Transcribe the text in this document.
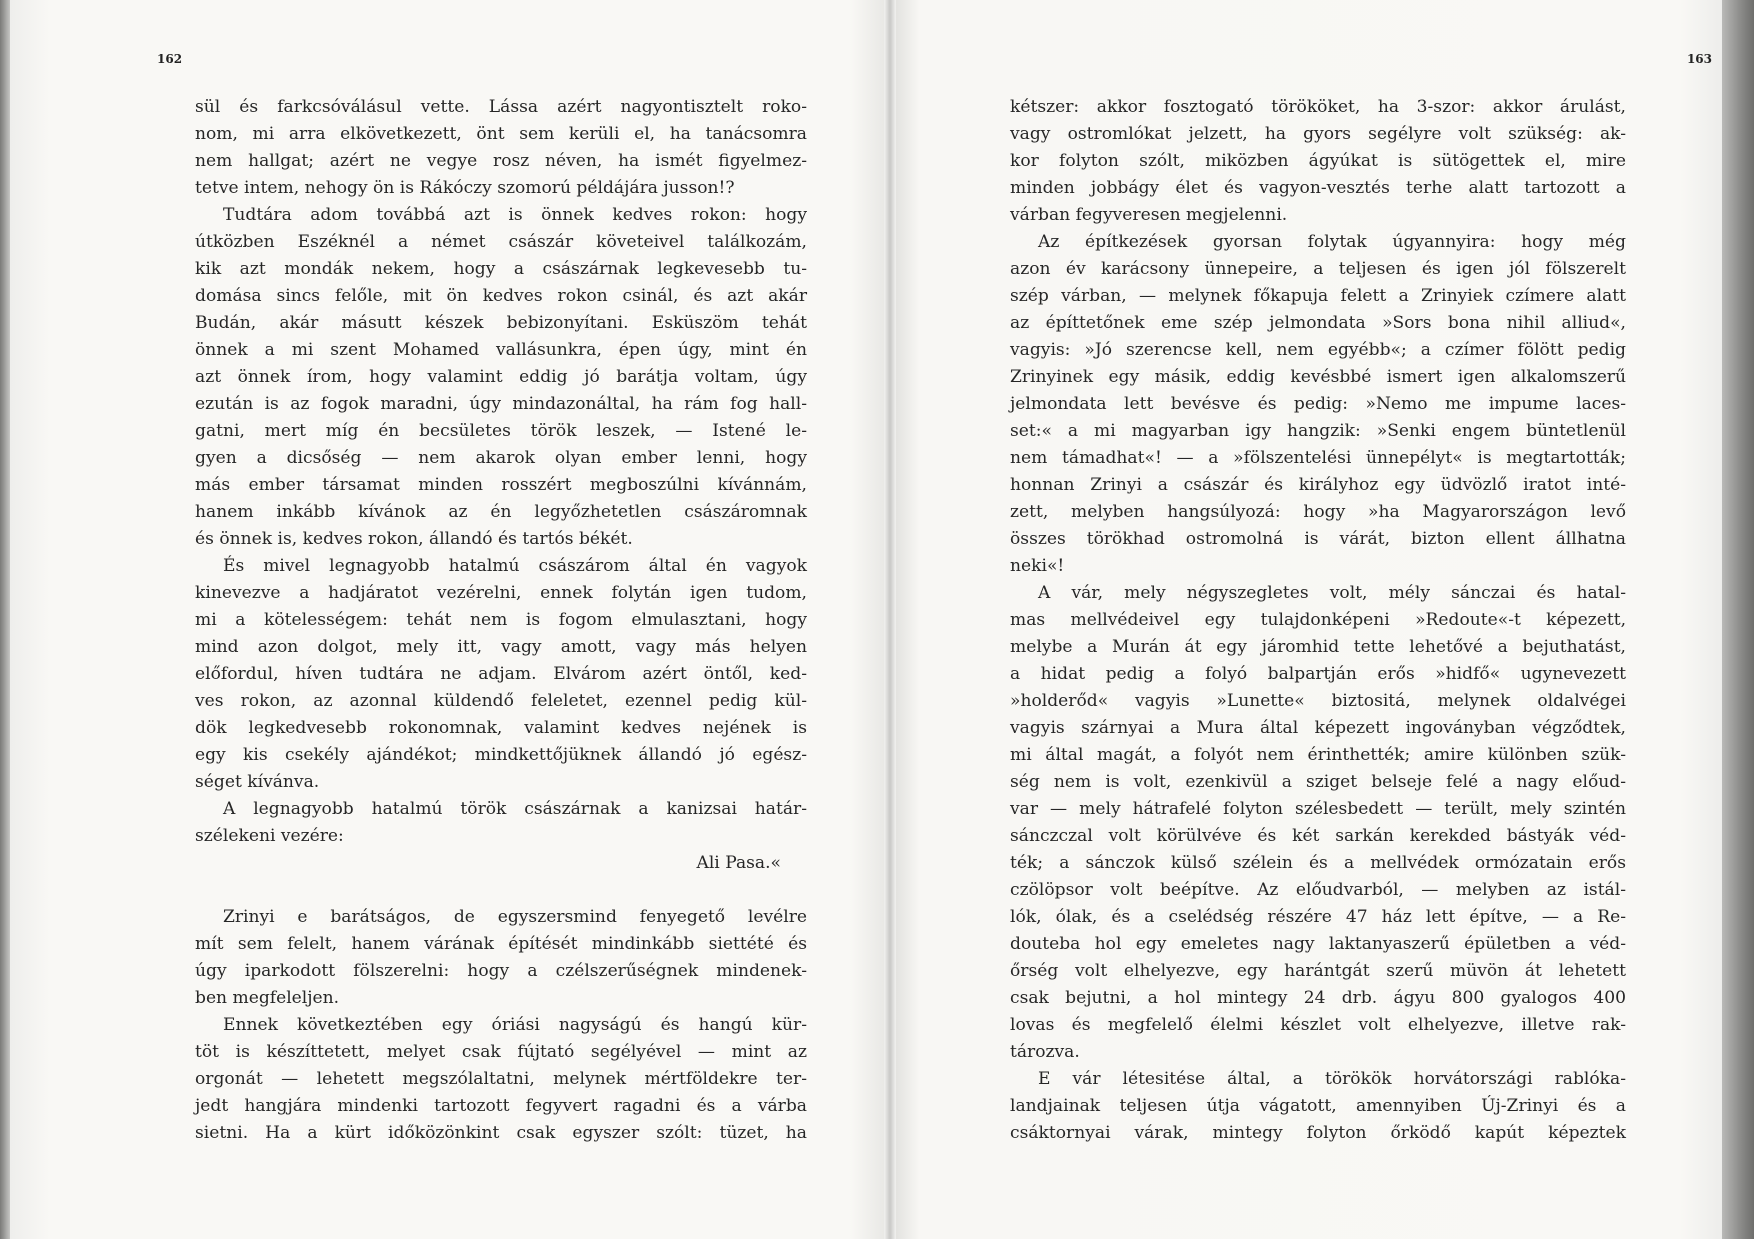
162
sül és farkcsóválásul vette. Lássa azért nagyontisztelt roko-
nom, mi arra elkövetkezett, önt sem kerüli el, ha tanácsomra
nem hallgat; azért ne vegye rosz néven, ha ismét figyelmez-
tetve intem, nehogy ön is Rákóczy szomorú példájára jusson!?
Tudtára adom továbbá azt is önnek kedves rokon: hogy
útközben Eszéknél a német császár követeivel találkozám,
kik azt mondák nekem, hogy a császárnak legkevesebb tu-
domása sincs felőle, mit ön kedves rokon csinál, és azt akár
Budán, akár másutt készek bebizonyítani. Esküszöm tehát
önnek a mi szent Mohamed vallásunkra, épen úgy, mint én
azt önnek írom, hogy valamint eddig jó barátja voltam, úgy
ezután is az fogok maradni, úgy mindazonáltal, ha rám fog hall-
gatni, mert míg én becsületes török leszek, — Istené le-
gyen a dicsőség — nem akarok olyan ember lenni, hogy
más ember társamat minden rosszért megboszúlni kívánnám,
hanem inkább kívánok az én legyőzhetetlen császáromnak
és önnek is, kedves rokon, állandó és tartós békét.
És mivel legnagyobb hatalmú császárom által én vagyok
kinevezve a hadjáratot vezérelni, ennek folytán igen tudom,
mi a kötelességem: tehát nem is fogom elmulasztani, hogy
mind azon dolgot, mely itt, vagy amott, vagy más helyen
előfordul, híven tudtára ne adjam. Elvárom azért öntől, ked-
ves rokon, az azonnal küldendő feleletet, ezennel pedig kül-
dök legkedvesebb rokonomnak, valamint kedves nejének is
egy kis csekély ajándékot; mindkettőjüknek állandó jó egész-
séget kívánva.
A legnagyobb hatalmú török császárnak a kanizsai határ-
szélekeni vezére:
Ali Pasa.«
Zrinyi e barátságos, de egyszersmind fenyegető levélre
mít sem felelt, hanem várának építését mindinkább siettété és
úgy iparkodott fölszerelni: hogy a czélszerűségnek mindenek-
ben megfeleljen.
Ennek következtében egy óriási nagyságú és hangú kür-
töt is készíttetett, melyet csak fújtató segélyével — mint az
orgonát — lehetett megszólaltatni, melynek mértföldekre ter-
jedt hangjára mindenki tartozott fegyvert ragadni és a várba
sietni. Ha a kürt időközönkint csak egyszer szólt: tüzet, ha
163
kétszer: akkor fosztogató törököket, ha 3-szor: akkor árulást,
vagy ostromlókat jelzett, ha gyors segélyre volt szükség: ak-
kor folyton szólt, miközben ágyúkat is sütögettek el, mire
minden jobbágy élet és vagyon-vesztés terhe alatt tartozott a
várban fegyveresen megjelenni.
Az építkezések gyorsan folytak úgyannyira: hogy még
azon év karácsony ünnepeire, a teljesen és igen jól fölszerelt
szép várban, — melynek főkapuja felett a Zrinyiek czímere alatt
az építtetőnek eme szép jelmondata »Sors bona nihil alliud«,
vagyis: »Jó szerencse kell, nem egyébb«; a czímer fölött pedig
Zrinyinek egy másik, eddig kevésbbé ismert igen alkalomszerű
jelmondata lett bevésve és pedig: »Nemo me impume laces-
set:« a mi magyarban igy hangzik: »Senki engem büntetlenül
nem támadhat«! — a »fölszentelési ünnepélyt« is megtartották;
honnan Zrinyi a császár és királyhoz egy üdvözlő iratot inté-
zett, melyben hangsúlyozá: hogy »ha Magyarországon levő
összes törökhad ostromolná is várát, bizton ellent állhatna
neki«!
A vár, mely négyszegletes volt, mély sánczai és hatal-
mas mellvédeivel egy tulajdonképeni »Redoute«-t képezett,
melybe a Murán át egy járomhid tette lehetővé a bejuthatást,
a hidat pedig a folyó balpartján erős »hidfő« ugynevezett
»holderőd« vagyis »Lunette« biztositá, melynek oldalvégei
vagyis szárnyai a Mura által képezett ingoványban végződtek,
mi által magát, a folyót nem érinthették; amire különben szük-
ség nem is volt, ezenkivül a sziget belseje felé a nagy előud-
var — mely hátrafelé folyton szélesbedett — terült, mely szintén
sánczczal volt körülvéve és két sarkán kerekded bástyák véd-
ték; a sánczok külső szélein és a mellvédek ormózatain erős
czölöpsor volt beépítve. Az előudvarból, — melyben az istál-
lók, ólak, és a cselédség részére 47 ház lett építve, — a Re-
douteba hol egy emeletes nagy laktanyaszerű épületben a véd-
őrség volt elhelyezve, egy harántgát szerű müvön át lehetett
csak bejutni, a hol mintegy 24 drb. ágyu 800 gyalogos 400
lovas és megfelelő élelmi készlet volt elhelyezve, illetve rak-
tározva.
E vár létesitése által, a törökök horvátországi rablóka-
landjainak teljesen útja vágatott, amennyiben Új-Zrinyi és a
csáktornyai várak, mintegy folyton őrködő kapút képeztek
